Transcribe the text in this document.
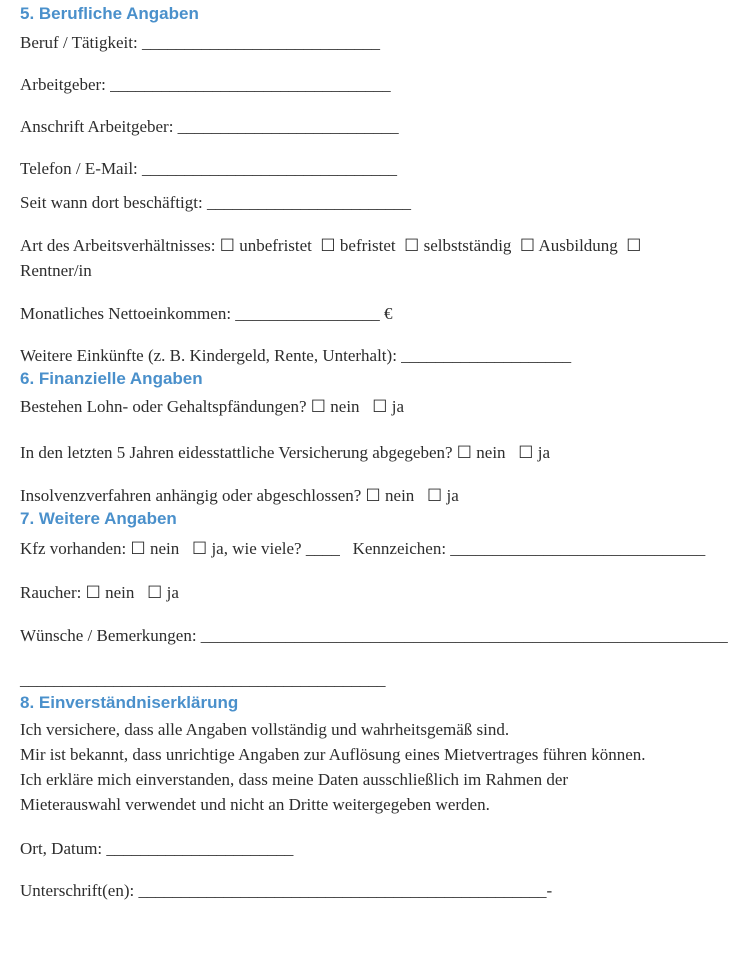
5. Berufliche Angaben

Beruf / Tätigkeit: ____________________________

Arbeitgeber: _________________________________

Anschrift Arbeitgeber: __________________________

Telefon / E-Mail: ______________________________

Seit wann dort beschäftigt: ________________________

Art des Arbeitsverhältnisses: ☐ unbefristet  ☐ befristet  ☐ selbstständig  ☐ Ausbildung  ☐

Rentner/in

Monatliches Nettoeinkommen: _________________ €

Weitere Einkünfte (z. B. Kindergeld, Rente, Unterhalt): ____________________

6. Finanzielle Angaben

Bestehen Lohn- oder Gehaltspfändungen? ☐ nein   ☐ ja

In den letzten 5 Jahren eidesstattliche Versicherung abgegeben? ☐ nein   ☐ ja

Insolvenzverfahren anhängig oder abgeschlossen? ☐ nein   ☐ ja

7. Weitere Angaben

Kfz vorhanden: ☐ nein   ☐ ja, wie viele? ____   Kennzeichen: ______________________________

Raucher: ☐ nein   ☐ ja

Wünsche / Bemerkungen: ______________________________________________________________

___________________________________________

8. Einverständniserklärung

Ich versichere, dass alle Angaben vollständig und wahrheitsgemäß sind.

Mir ist bekannt, dass unrichtige Angaben zur Auflösung eines Mietvertrages führen können.

Ich erkläre mich einverstanden, dass meine Daten ausschließlich im Rahmen der

Mieterauswahl verwendet und nicht an Dritte weitergegeben werden.

Ort, Datum: ______________________

Unterschrift(en): ________________________________________________-
